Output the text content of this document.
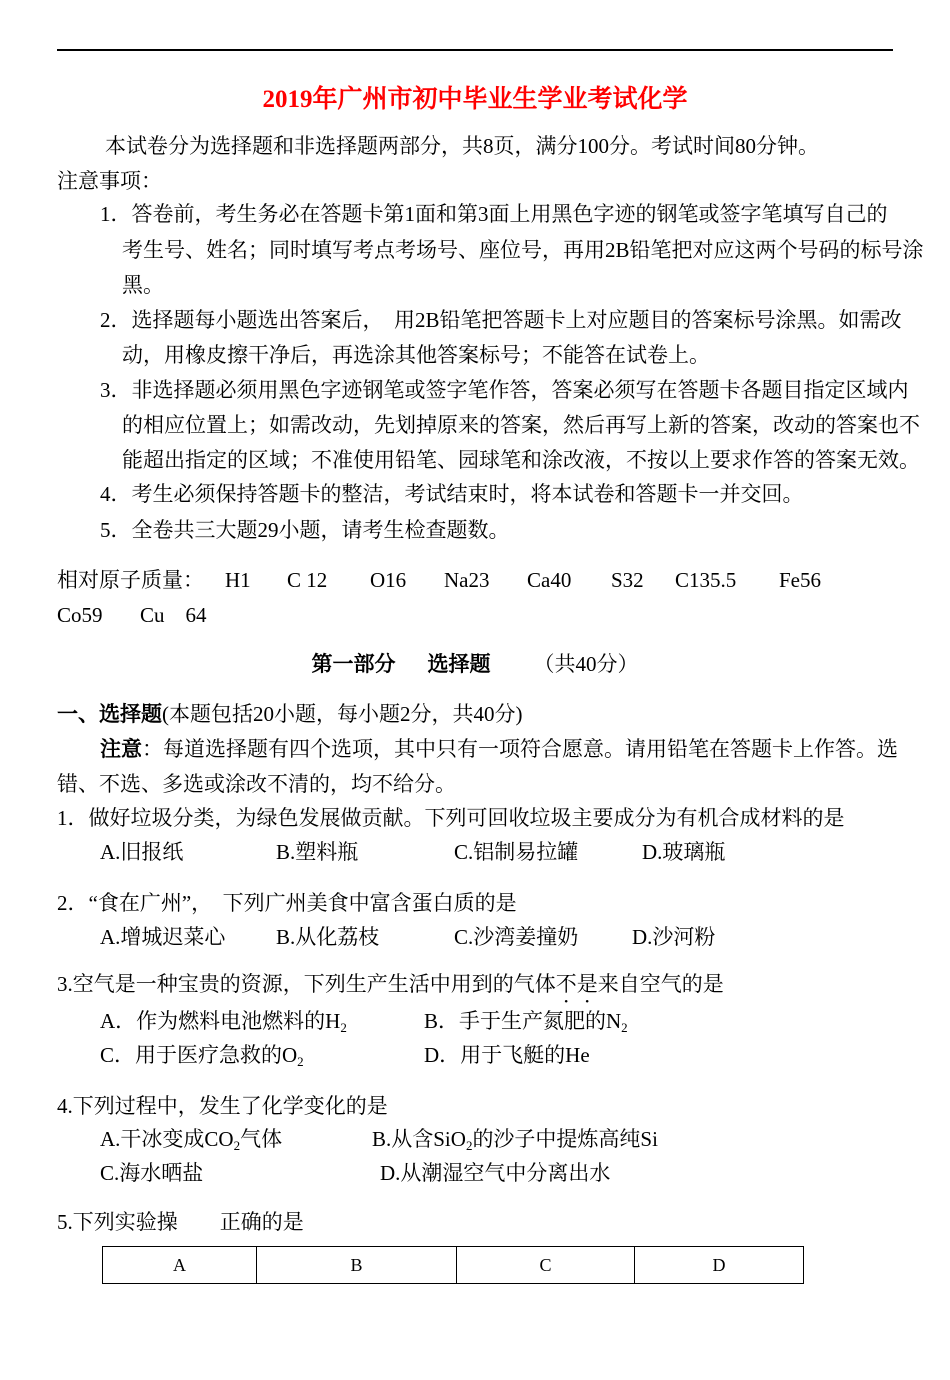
2019年广州市初中毕业生学业考试化学
本试卷分为选择题和非选择题两部分，共8页，满分100分。考试时间80分钟。
注意事项：
1．答卷前，考生务必在答题卡第1面和第3面上用黑色字迹的钢笔或签字笔填写自己的
考生号、姓名；同时填写考点考场号、座位号，再用2B铅笔把对应这两个号码的标号涂
黑。
2．选择题每小题选出答案后，　用2B铅笔把答题卡上对应题目的答案标号涂黑。如需改
动，用橡皮擦干净后，再选涂其他答案标号；不能答在试卷上。
3．非选择题必须用黑色字迹钢笔或签字笔作答，答案必须写在答题卡各题目指定区域内
的相应位置上；如需改动，先划掉原来的答案，然后再写上新的答案，改动的答案也不
能超出指定的区域；不准使用铅笔、园球笔和涂改液，不按以上要求作答的答案无效。
4．考生必须保持答题卡的整洁，考试结束时，将本试卷和答题卡一并交回。
5．全卷共三大题29小题，请考生检查题数。
相对原子质量： H1 C 12 O16 Na23 Ca40 S32 C135.5 Fe56
Co59 Cu　64
第一部分 选择题 （共40分）
一、选择题(本题包括20小题，每小题2分，共40分)
注意：每道选择题有四个选项，其中只有一项符合愿意。请用铅笔在答题卡上作答。选
错、不选、多选或涂改不清的，均不给分。
1．做好垃圾分类，为绿色发展做贡献。下列可回收垃圾主要成分为有机合成材料的是
A.旧报纸	B.塑料瓶	C.铝制易拉罐	D.玻璃瓶
2．“食在广州”，　下列广州美食中富含蛋白质的是
A.增城迟菜心 B.从化荔枝	C.沙湾姜撞奶	D.沙河粉
3.空气是一种宝贵的资源，下列生产生活中用到的气体不是来自空气的是
A．作为燃料电池燃料的$H_2$	B．手于生产氮肥的$N_2$
C．用于医疗急救的$O_2$	D．用于飞艇的He
4.下列过程中，发生了化学变化的是
A.干冰变成$CO_2$气体	B.从含SiO$_2$的沙子中提炼高纯Si
C.海水晒盐	D.从潮湿空气中分离出水
5.下列实验操　　正确的是
A	B	C	D
